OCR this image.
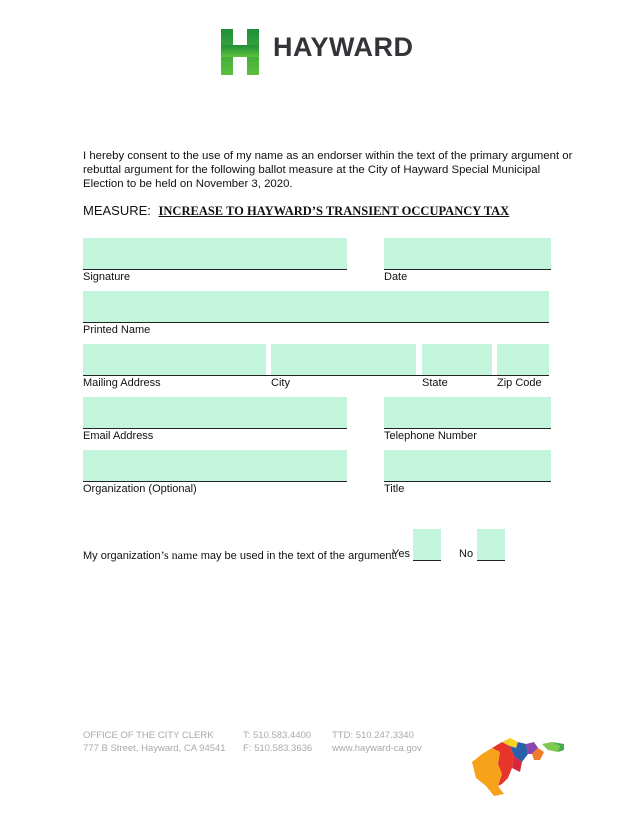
HAYWARD
I hereby consent to the use of my name as an endorser within the text of the primary argument or rebuttal argument for the following ballot measure at the City of Hayward Special Municipal Election to be held on November 3, 2020.
MEASURE: INCREASE TO HAYWARD’S TRANSIENT OCCUPANCY TAX
Signature	Date
Printed Name
Mailing Address	City	State	Zip Code
Email Address	Telephone Number
Organization (Optional)	Title
My organization’s name may be used in the text of the argument.
Yes	No
OFFICE OF THE CITY CLERK
777 B Street, Hayward, CA 94541
T: 510.583.4400
F: 510.583.3636
TTD: 510.247.3340
www.hayward-ca.gov
